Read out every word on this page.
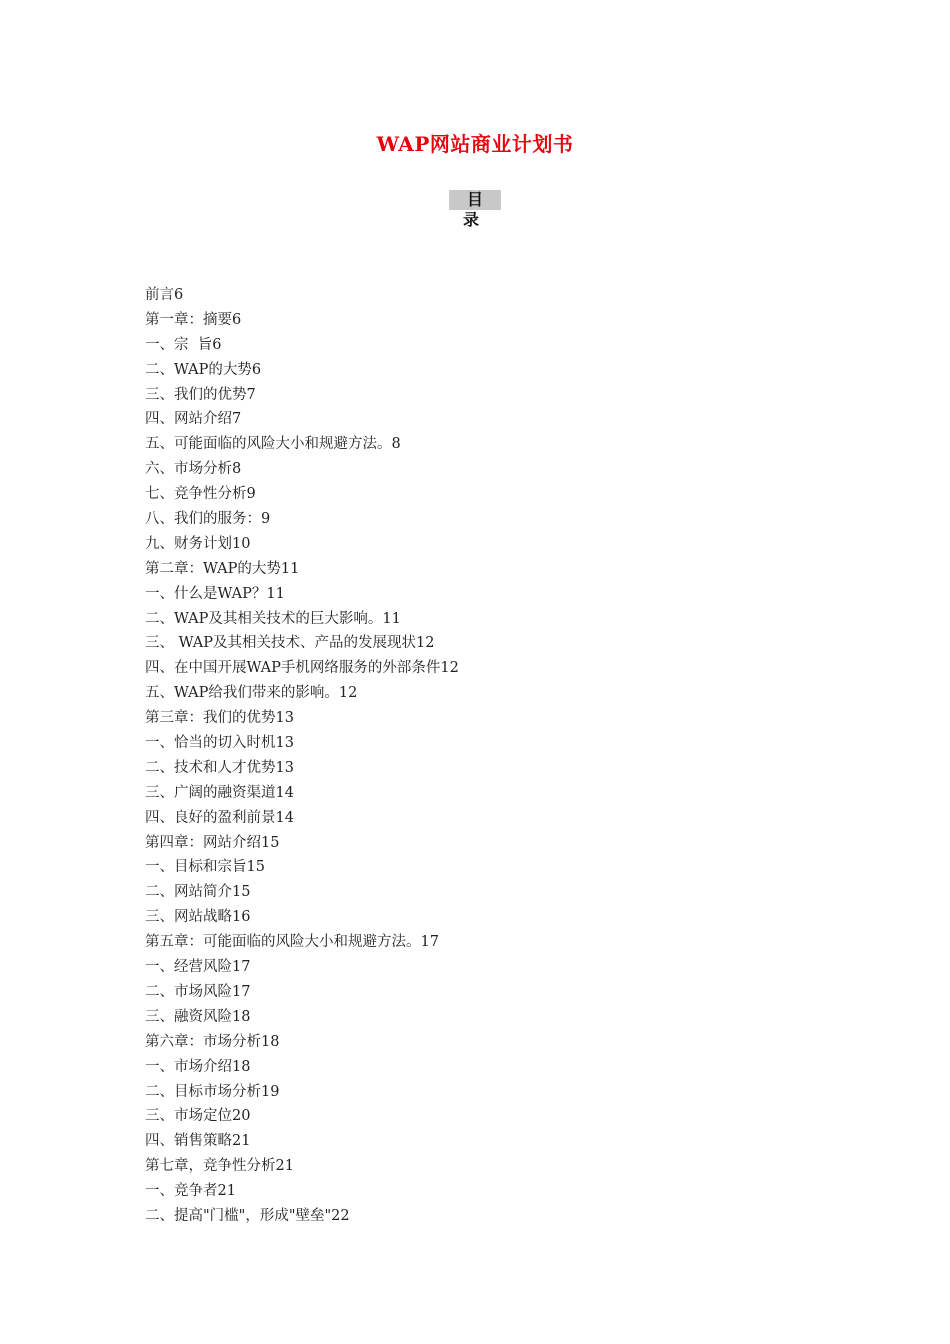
WAP网站商业计划书
目 录
前言6
第一章：摘要6
一、宗  旨6
二、WAP的大势6
三、我们的优势7
四、网站介绍7
五、可能面临的风险大小和规避方法。8
六、市场分析8
七、竞争性分析9
八、我们的服务：9
九、财务计划10
第二章：WAP的大势11
一、什么是WAP？11
二、WAP及其相关技术的巨大影响。11
三、 WAP及其相关技术、产品的发展现状12
四、在中国开展WAP手机网络服务的外部条件12
五、WAP给我们带来的影响。12
第三章：我们的优势13
一、恰当的切入时机13
二、技术和人才优势13
三、广阔的融资渠道14
四、良好的盈利前景14
第四章：网站介绍15
一、目标和宗旨15
二、网站简介15
三、网站战略16
第五章：可能面临的风险大小和规避方法。17
一、经营风险17
二、市场风险17
三、融资风险18
第六章：市场分析18
一、市场介绍18
二、目标市场分析19
三、市场定位20
四、销售策略21
第七章，竞争性分析21
一、竞争者21
二、提高"门槛"，形成"壁垒"22
